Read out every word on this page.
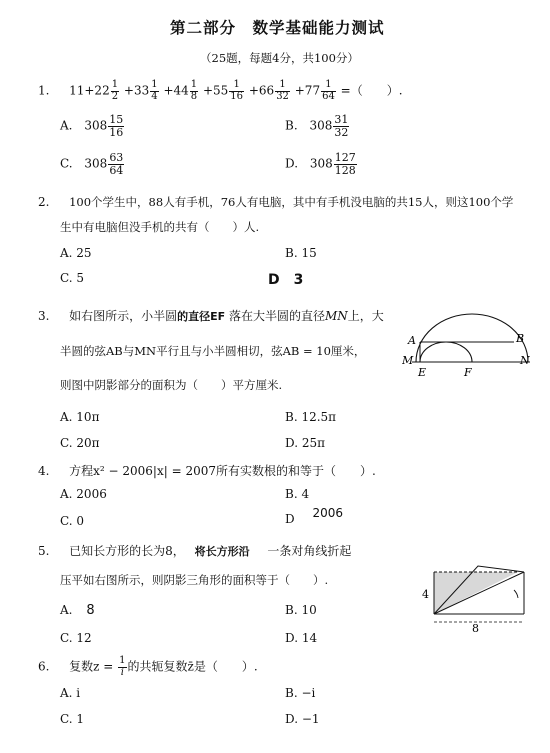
第二部分　数学基础能力测试
（25题，每题4分，共100分）
1. $11+22 \frac{1}{2} +33 \frac{1}{4} +44 \frac{1}{8} +55 \frac{1}{16} +66 \frac{1}{32} +77 \frac{1}{64}$ =（　　）.
A. $308 \frac{15}{16}$	B. $308 \frac{31}{32}$
C. $308 \frac{63}{64}$	D. $308 \frac{127}{128}$
2. 100个学生中，88人有手机，76人有电脑，其中有手机没电脑的共15人，则这100个学
生中有电脑但没手机的共有（　　）人.
A. 25	B. 15
C. 5	D　3
3. 如右图所示，小半圆的直径EF 落在大半圆的直径MN上，大
半圆的弦AB与MN平行且与小半圆相切，弦AB = 10厘米，
则图中阴影部分的面积为（　　）平方厘米.
A	B
M	N
E	F
A. 10π	B. 12.5π
C. 20π	D. 25π
4. 方程x² − 2006|x| = 2007所有实数根的和等于（　　）.
A. 2006	B. 4
C. 0	D 2006
5. 已知长方形的长为8， 将长方形沿 一条对角线折起
压平如右图所示，则阴影三角形的面积等于（　　）.
4
8
A. 8	B. 10
C. 12	D. 14
6. 复数$z = \frac{1}{i}$ 的共轭复数z̄是（　　）.
A. i	B. −i
C. 1	D. −1
